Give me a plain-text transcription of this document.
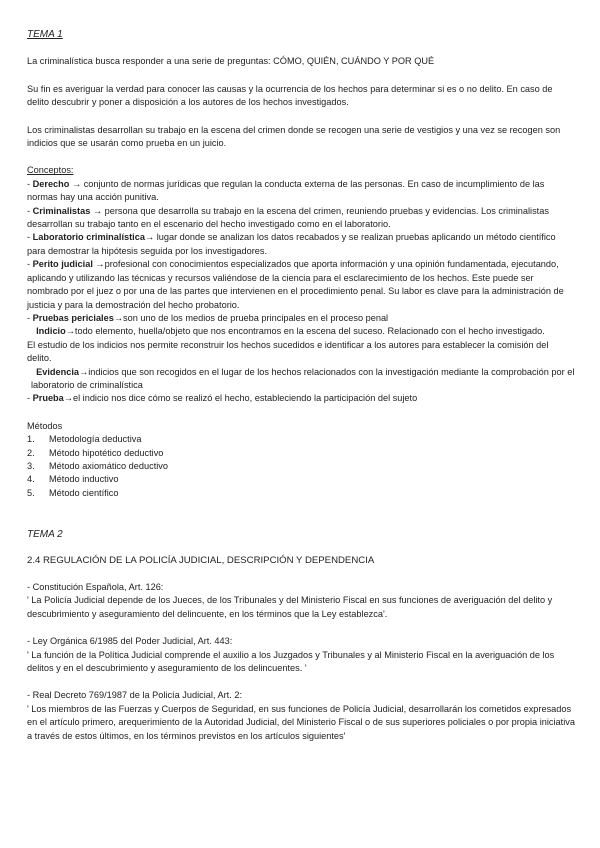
TEMA 1

La criminalística busca responder a una serie de preguntas: CÓMO, QUIÉN, CUÁNDO Y POR QUÉ

Su fin es averiguar la verdad para conocer las causas y la ocurrencia de los hechos para determinar si es o no delito. En caso de delito descubrir y poner a disposición a los autores de los hechos investigados.

Los criminalistas desarrollan su trabajo en la escena del crimen donde se recogen una serie de vestigios y una vez se recogen son indicios que se usarán como prueba en un juicio.

Conceptos:

- Derecho → conjunto de normas jurídicas que regulan la conducta externa de las personas. En caso de incumplimiento de las normas hay una acción punitiva.

- Criminalistas → persona que desarrolla su trabajo en la escena del crimen, reuniendo pruebas y evidencias. Los criminalistas desarrollan su trabajo tanto en el escenario del hecho investigado como en el laboratorio.

- Laboratorio criminalística→ lugar donde se analizan los datos recabados y se realizan pruebas aplicando un método científico para demostrar la hipótesis seguida por los investigadores.

- Perito judicial →profesional con conocimientos especializados que aporta información y una opinión fundamentada, ejecutando, aplicando y utilizando las técnicas y recursos valiéndose de la ciencia para el esclarecimiento de los hechos. Este puede ser nombrado por el juez o por una de las partes que intervienen en el procedimiento penal. Su labor es clave para la administración de justicia y para la demostración del hecho probatorio.

- Pruebas periciales→son uno de los medios de prueba principales en el proceso penal

Indicio→todo elemento, huella/objeto que nos encontramos en la escena del suceso. Relacionado con el hecho investigado.

El estudio de los indicios nos permite reconstruir los hechos sucedidos e identificar a los autores para establecer la comisión del delito.

Evidencia→indicios que son recogidos en el lugar de los hechos relacionados con la investigación mediante la comprobación por el laboratorio de criminalística

- Prueba→el indicio nos dice cómo se realizó el hecho, estableciendo la participación del sujeto

Métodos

1.	Metodología deductiva
2.	Método hipotético deductivo
3.	Método axiomático deductivo
4.	Método inductivo
5.	Método científico

TEMA 2

2.4 REGULACIÓN DE LA POLICÍA JUDICIAL, DESCRIPCIÓN Y DEPENDENCIA

- Constitución Española, Art. 126:

' La Policía Judicial depende de los Jueces, de los Tribunales y del Ministerio Fiscal en sus funciones de averiguación del delito y descubrimiento y aseguramiento del delincuente, en los términos que la Ley establezca'.

- Ley Orgánica 6/1985 del Poder Judicial, Art. 443:

' La función de la Política Judicial comprende el auxilio a los Juzgados y Tribunales y al Ministerio Fiscal en la averiguación de los delitos y en el descubrimiento y aseguramiento de los delincuentes. '

- Real Decreto 769/1987 de la Policía Judicial, Art. 2:

' Los miembros de las Fuerzas y Cuerpos de Seguridad, en sus funciones de Policía Judicial, desarrollarán los cometidos expresados en el artículo primero, arequerimiento de la Autoridad Judicial, del Ministerio Fiscal o de sus superiores policiales o por propia iniciativa a través de estos últimos, en los términos previstos en los artículos siguientes'
